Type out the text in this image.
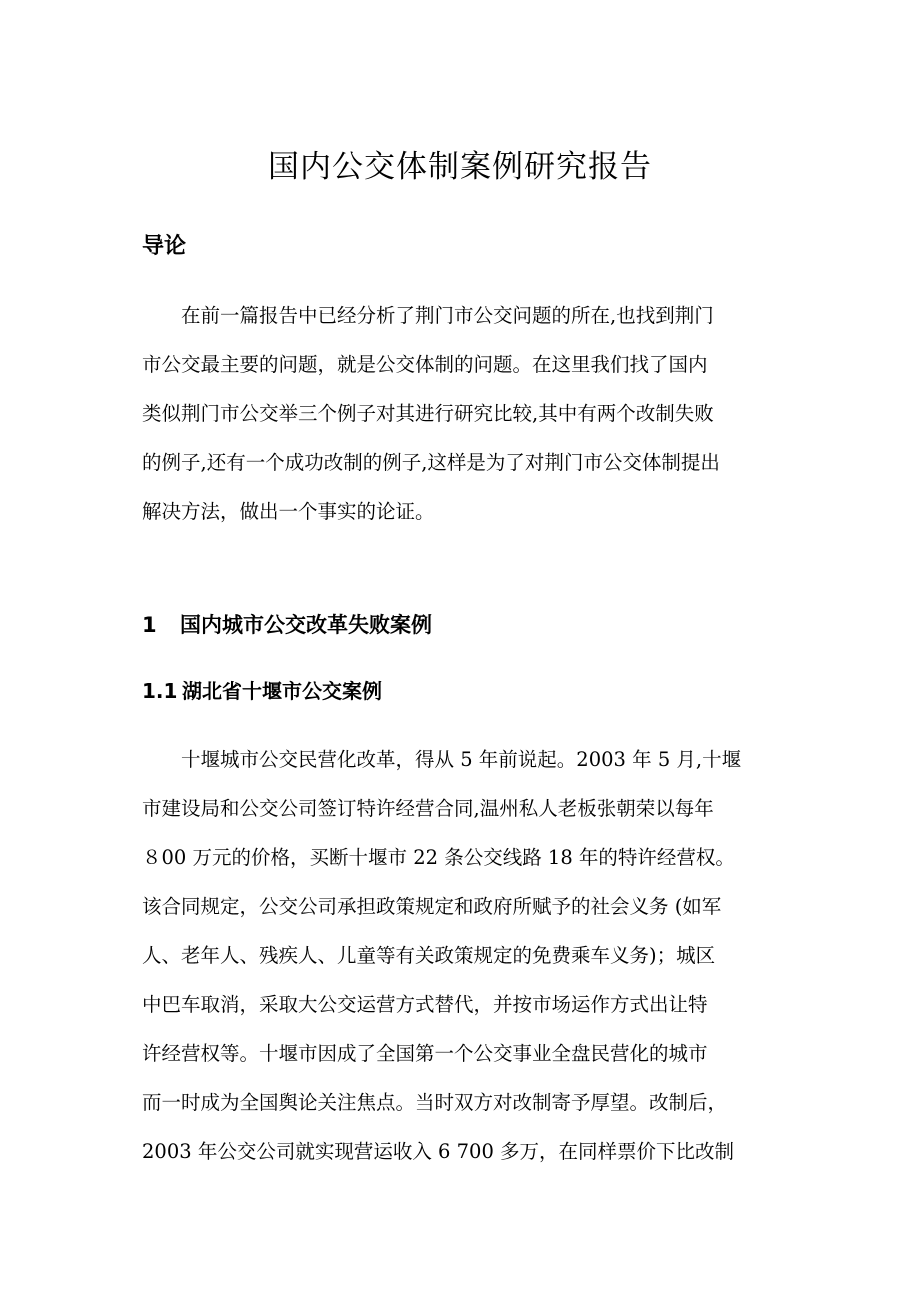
国内公交体制案例研究报告
导论
　　在前一篇报告中已经分析了荆门市公交问题的所在,也找到荆门
市公交最主要的问题，就是公交体制的问题。在这里我们找了国内
类似荆门市公交举三个例子对其进行研究比较,其中有两个改制失败
的例子,还有一个成功改制的例子,这样是为了对荆门市公交体制提出
解决方法，做出一个事实的论证。
1 国内城市公交改革失败案例
1.1 湖北省十堰市公交案例
　　十堰城市公交民营化改革，得从 5 年前说起。2003 年 5 月,十堰
市建设局和公交公司签订特许经营合同,温州私人老板张朝荣以每年
８00 万元的价格，买断十堰市 22 条公交线路 18 年的特许经营权。
该合同规定，公交公司承担政策规定和政府所赋予的社会义务 (如军
人、老年人、残疾人、儿童等有关政策规定的免费乘车义务)；城区
中巴车取消，采取大公交运营方式替代，并按市场运作方式出让特
许经营权等。十堰市因成了全国第一个公交事业全盘民营化的城市
而一时成为全国舆论关注焦点。当时双方对改制寄予厚望。改制后，
2003 年公交公司就实现营运收入 6 700 多万，在同样票价下比改制
